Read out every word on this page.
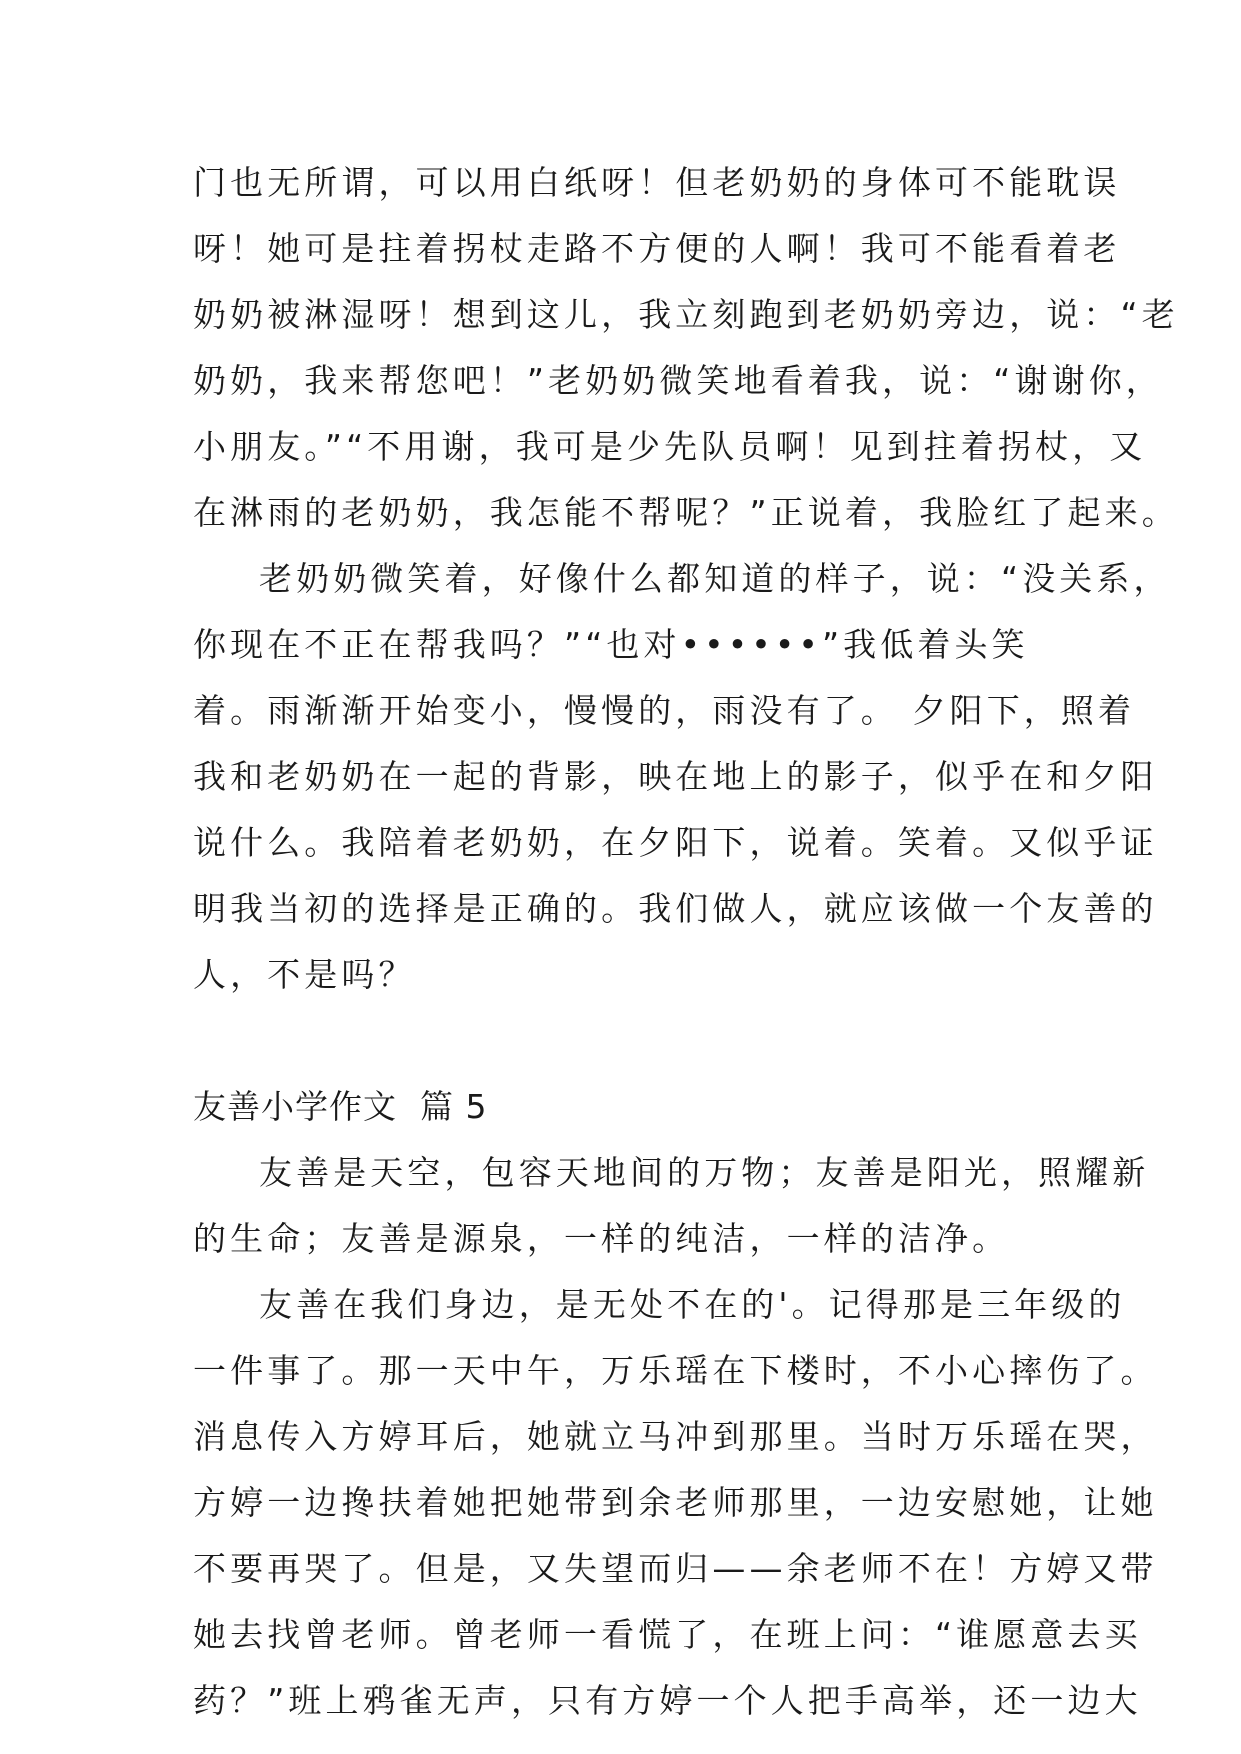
门也无所谓，可以用白纸呀！但老奶奶的身体可不能耽误
呀！她可是拄着拐杖走路不方便的人啊！我可不能看着老
奶奶被淋湿呀！想到这儿，我立刻跑到老奶奶旁边，说：“老
奶奶，我来帮您吧！”老奶奶微笑地看着我，说：“谢谢你，
小朋友。”“不用谢，我可是少先队员啊！见到拄着拐杖，又
在淋雨的老奶奶，我怎能不帮呢？”正说着，我脸红了起来。
老奶奶微笑着，好像什么都知道的样子，说：“没关系，
你现在不正在帮我吗？”“也对••••••”我低着头笑
着。雨渐渐开始变小，慢慢的，雨没有了。 夕阳下，照着
我和老奶奶在一起的背影，映在地上的影子，似乎在和夕阳
说什么。我陪着老奶奶，在夕阳下，说着。笑着。又似乎证
明我当初的选择是正确的。我们做人，就应该做一个友善的
人，不是吗？
友善小学作文  篇 5
友善是天空，包容天地间的万物；友善是阳光，照耀新
的生命；友善是源泉，一样的纯洁，一样的洁净。
友善在我们身边，是无处不在的'。记得那是三年级的
一件事了。那一天中午，万乐瑶在下楼时，不小心摔伤了。
消息传入方婷耳后，她就立马冲到那里。当时万乐瑶在哭，
方婷一边搀扶着她把她带到余老师那里，一边安慰她，让她
不要再哭了。但是，又失望而归——余老师不在！方婷又带
她去找曾老师。曾老师一看慌了，在班上问：“谁愿意去买
药？”班上鸦雀无声，只有方婷一个人把手高举，还一边大
